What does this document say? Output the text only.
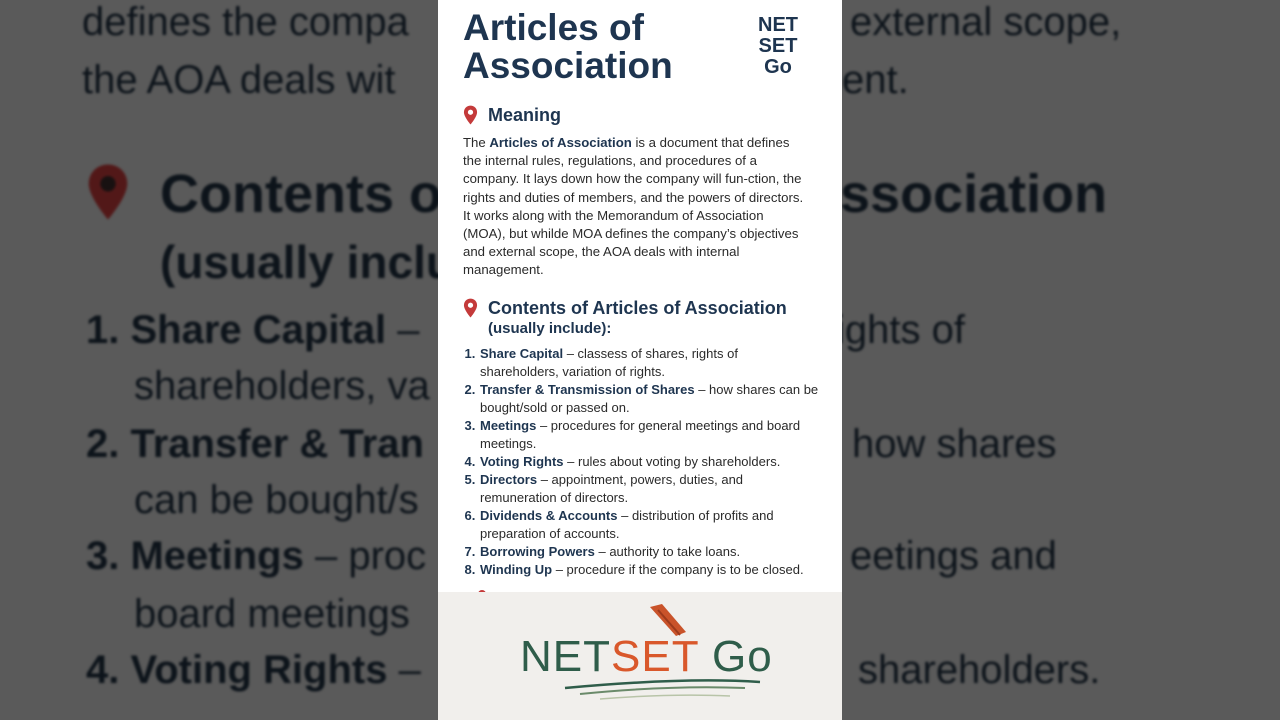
Articles of Association
NET
SET
Go
Meaning
The Articles of Association is a document that defines the internal rules, regulations, and procedures of a company. It lays down how the company will fun-ction, the rights and duties of members, and the powers of directors. It works along with the Memorandum of Association (MOA), but whilde MOA defines the company’s objectives and external scope, the AOA deals with internal management.
Contents of Articles of Association
(usually include):
1. Share Capital – classess of shares, rights of shareholders, variation of rights.
2. Transfer & Transmission of Shares – how shares can be bought/sold or passed on.
3. Meetings – procedures for general meetings and board meetings.
4. Voting Rights – rules about voting by shareholders.
5. Directors – appointment, powers, duties, and remuneration of directors.
6. Dividends & Accounts – distribution of profits and preparation of accounts.
7. Borrowing Powers – authority to take loans.
8. Winding Up – procedure if the company is to be closed.
NETSET Go
